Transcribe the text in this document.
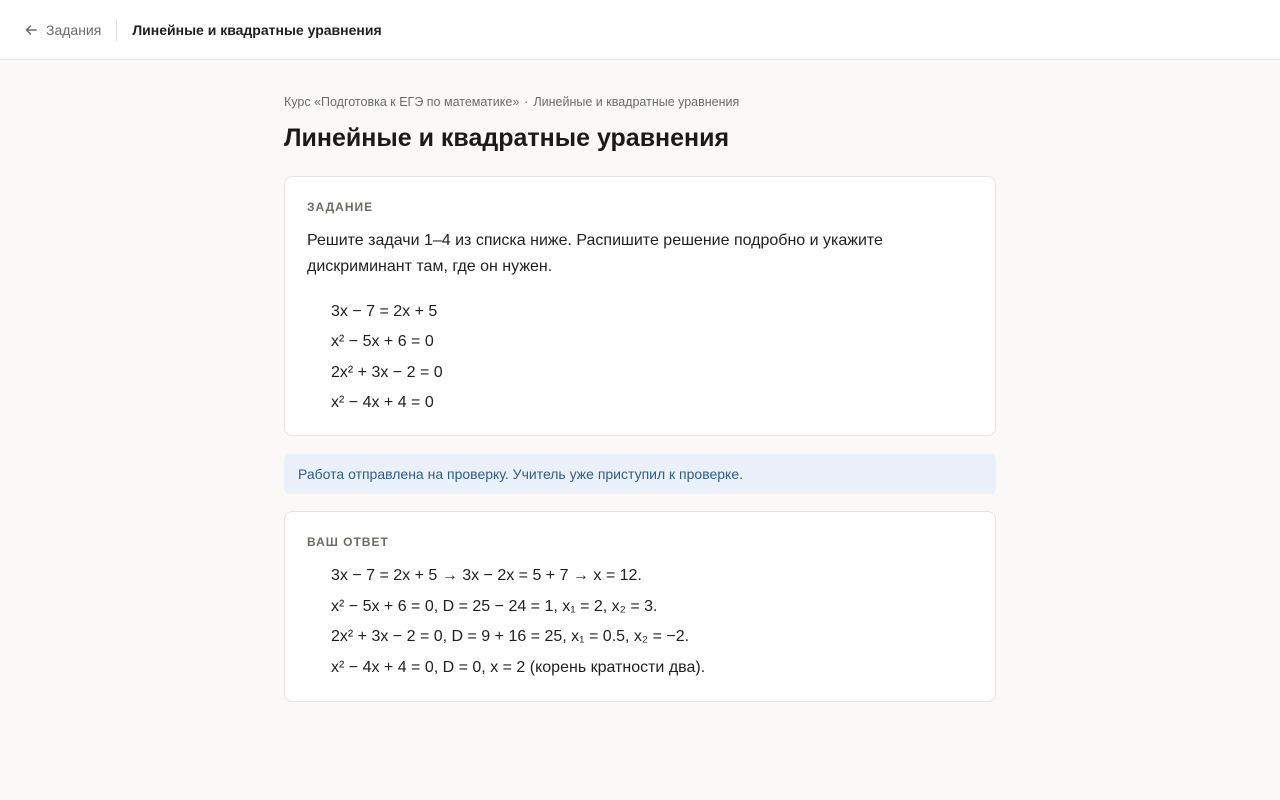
Задания Линейные и квадратные уравнения
Курс «Подготовка к ЕГЭ по математике» · Линейные и квадратные уравнения
Линейные и квадратные уравнения
ЗАДАНИЕ

Решите задачи 1–4 из списка ниже. Распишите решение подробно и укажите дискриминант там, где он нужен.

3x − 7 = 2x + 5
x² − 5x + 6 = 0
2x² + 3x − 2 = 0
x² − 4x + 4 = 0
Работа отправлена на проверку. Учитель уже приступил к проверке.
ВАШ ОТВЕТ
3x − 7 = 2x + 5 → 3x − 2x = 5 + 7 → x = 12.
x² − 5x + 6 = 0, D = 25 − 24 = 1, x₁ = 2, x₂ = 3.
2x² + 3x − 2 = 0, D = 9 + 16 = 25, x₁ = 0.5, x₂ = −2.
x² − 4x + 4 = 0, D = 0, x = 2 (корень кратности два).
